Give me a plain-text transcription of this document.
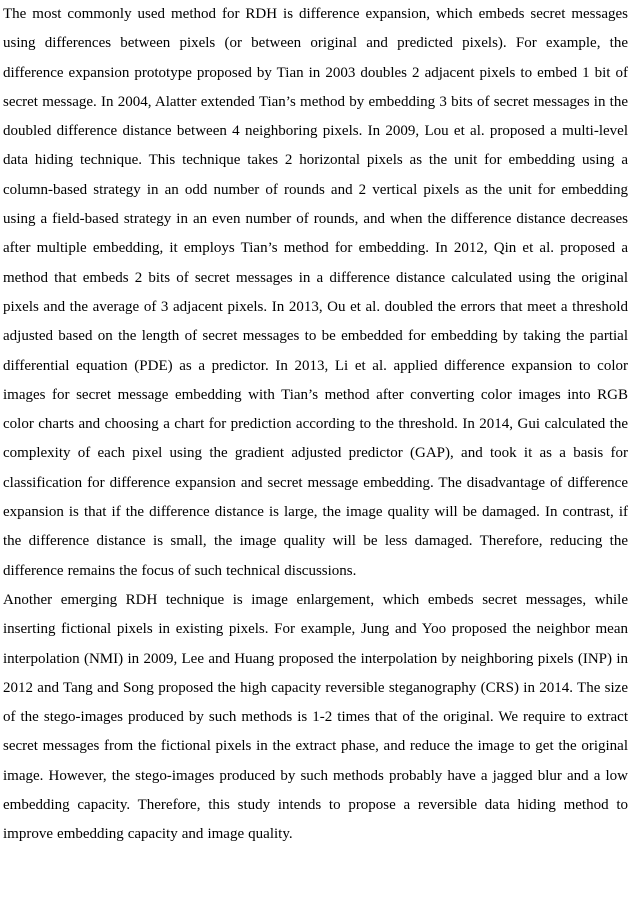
The most commonly used method for RDH is difference expansion, which embeds secret messages using differences between pixels (or between original and predicted pixels). For example, the difference expansion prototype proposed by Tian in 2003 doubles 2 adjacent pixels to embed 1 bit of secret message. In 2004, Alatter extended Tian’s method by embedding 3 bits of secret messages in the doubled difference distance between 4 neighboring pixels. In 2009, Lou et al. proposed a multi-level data hiding technique. This technique takes 2 horizontal pixels as the unit for embedding using a column-based strategy in an odd number of rounds and 2 vertical pixels as the unit for embedding using a field-based strategy in an even number of rounds, and when the difference distance decreases after multiple embedding, it employs Tian’s method for embedding. In 2012, Qin et al. proposed a method that embeds 2 bits of secret messages in a difference distance calculated using the original pixels and the average of 3 adjacent pixels. In 2013, Ou et al. doubled the errors that meet a threshold adjusted based on the length of secret messages to be embedded for embedding by taking the partial differential equation (PDE) as a predictor. In 2013, Li et al. applied difference expansion to color images for secret message embedding with Tian’s method after converting color images into RGB color charts and choosing a chart for prediction according to the threshold. In 2014, Gui calculated the complexity of each pixel using the gradient adjusted predictor (GAP), and took it as a basis for classification for difference expansion and secret message embedding. The disadvantage of difference expansion is that if the difference distance is large, the image quality will be damaged. In contrast, if the difference distance is small, the image quality will be less damaged. Therefore, reducing the difference remains the focus of such technical discussions.

Another emerging RDH technique is image enlargement, which embeds secret messages, while inserting fictional pixels in existing pixels. For example, Jung and Yoo proposed the neighbor mean interpolation (NMI) in 2009, Lee and Huang proposed the interpolation by neighboring pixels (INP) in 2012 and Tang and Song proposed the high capacity reversible steganography (CRS) in 2014. The size of the stego-images produced by such methods is 1-2 times that of the original. We require to extract secret messages from the fictional pixels in the extract phase, and reduce the image to get the original image. However, the stego-images produced by such methods probably have a jagged blur and a low embedding capacity. Therefore, this study intends to propose a reversible data hiding method to improve embedding capacity and image quality.
